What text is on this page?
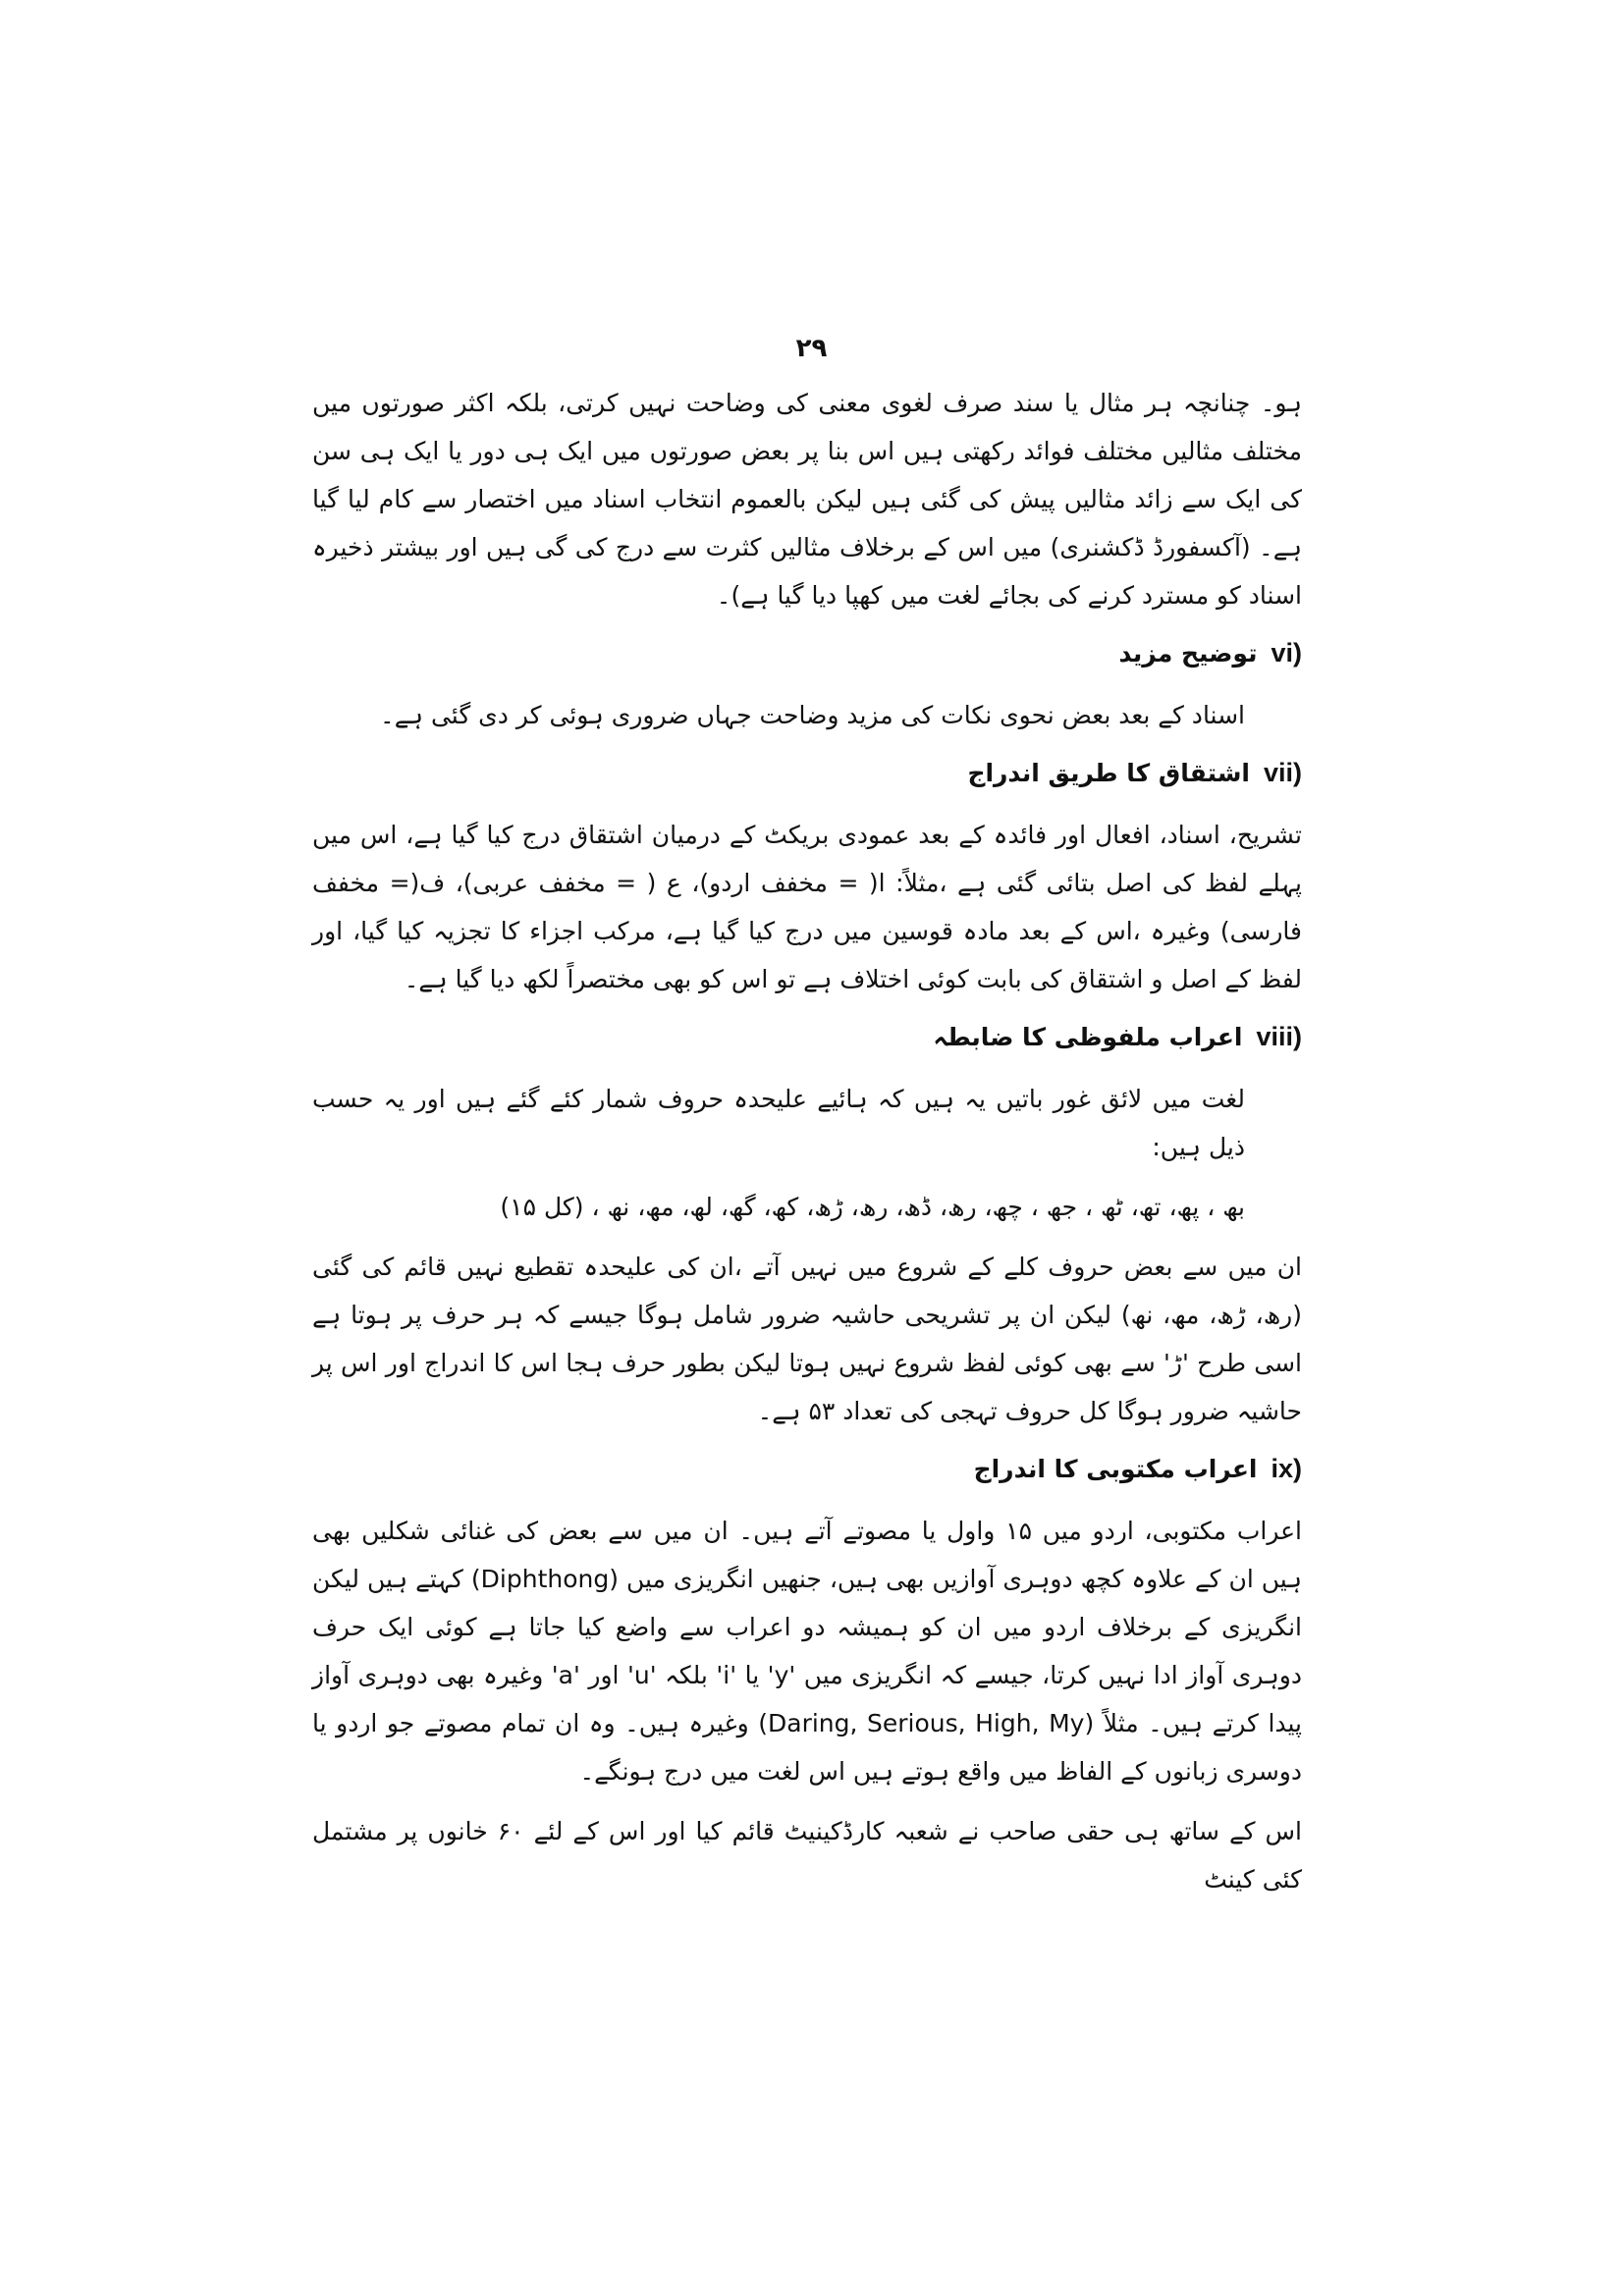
۲۹

ہو۔ چنانچہ ہر مثال یا سند صرف لغوی معنی کی وضاحت نہیں کرتی، بلکہ اکثر صورتوں میں مختلف مثالیں مختلف فوائد رکھتی ہیں اس بنا پر بعض صورتوں میں ایک ہی دور یا ایک ہی سن کی ایک سے زائد مثالیں پیش کی گئی ہیں لیکن بالعموم انتخاب اسناد میں اختصار سے کام لیا گیا ہے۔ (آکسفورڈ ڈکشنری) میں اس کے برخلاف مثالیں کثرت سے درج کی گی ہیں اور بیشتر ذخیرہ اسناد کو مسترد کرنے کی بجائے لغت میں کھپا دیا گیا ہے)۔

vi)توضیح مزید

اسناد کے بعد بعض نحوی نکات کی مزید وضاحت جہاں ضروری ہوئی کر دی گئی ہے۔

vii)اشتقاق کا طریق اندراج

تشریح، اسناد، افعال اور فائدہ کے بعد عمودی بریکٹ کے درمیان اشتقاق درج کیا گیا ہے، اس میں پہلے لفظ کی اصل بتائی گئی ہے ،مثلاً: ا( = مخفف اردو)، ع ( = مخفف عربی)، ف(= مخفف فارسی) وغیرہ ،اس کے بعد مادہ قوسین میں درج کیا گیا ہے، مرکب اجزاء کا تجزیہ کیا گیا، اور لفظ کے اصل و اشتقاق کی بابت کوئی اختلاف ہے تو اس کو بھی مختصراً لکھ دیا گیا ہے۔

viii)اعراب ملفوظی کا ضابطہ

لغت میں لائق غور باتیں یہ ہیں کہ ہائیے علیحدہ حروف شمار کئے گئے ہیں اور یہ حسب ذیل ہیں:

بھ ، پھ، تھ، ٹھ ، جھ ، چھ، رھ، ڈھ، رھ، ڑھ، کھ، گھ، لھ، مھ، نھ ، (کل ۱۵)

ان میں سے بعض حروف کلے کے شروع میں نہیں آتے ،ان کی علیحدہ تقطیع نہیں قائم کی گئی (رھ، ڑھ، مھ، نھ) لیکن ان پر تشریحی حاشیہ ضرور شامل ہوگا جیسے کہ ہر حرف پر ہوتا ہے اسی طرح 'ڑ' سے بھی کوئی لفظ شروع نہیں ہوتا لیکن بطور حرف ہجا اس کا اندراج اور اس پر حاشیہ ضرور ہوگا کل حروف تہجی کی تعداد ۵۳ ہے۔

ix)اعراب مکتوبی کا اندراج

اعراب مکتوبی، اردو میں ۱۵ واول یا مصوتے آتے ہیں۔ ان میں سے بعض کی غنائی شکلیں بھی ہیں ان کے علاوہ کچھ دوہری آوازیں بھی ہیں، جنھیں انگریزی میں (Diphthong) کہتے ہیں لیکن انگریزی کے برخلاف اردو میں ان کو ہمیشہ دو اعراب سے واضع کیا جاتا ہے کوئی ایک حرف دوہری آواز ادا نہیں کرتا، جیسے کہ انگریزی میں 'y' یا 'i' بلکہ 'u' اور 'a' وغیرہ بھی دوہری آواز پیدا کرتے ہیں۔ مثلاً (Daring, Serious, High, My) وغیرہ ہیں۔ وہ ان تمام مصوتے جو اردو یا دوسری زبانوں کے الفاظ میں واقع ہوتے ہیں اس لغت میں درج ہونگے۔

اس کے ساتھ ہی حقی صاحب نے شعبہ کارڈکینیٹ قائم کیا اور اس کے لئے ۶۰ خانوں پر مشتمل کئی کینٹ
